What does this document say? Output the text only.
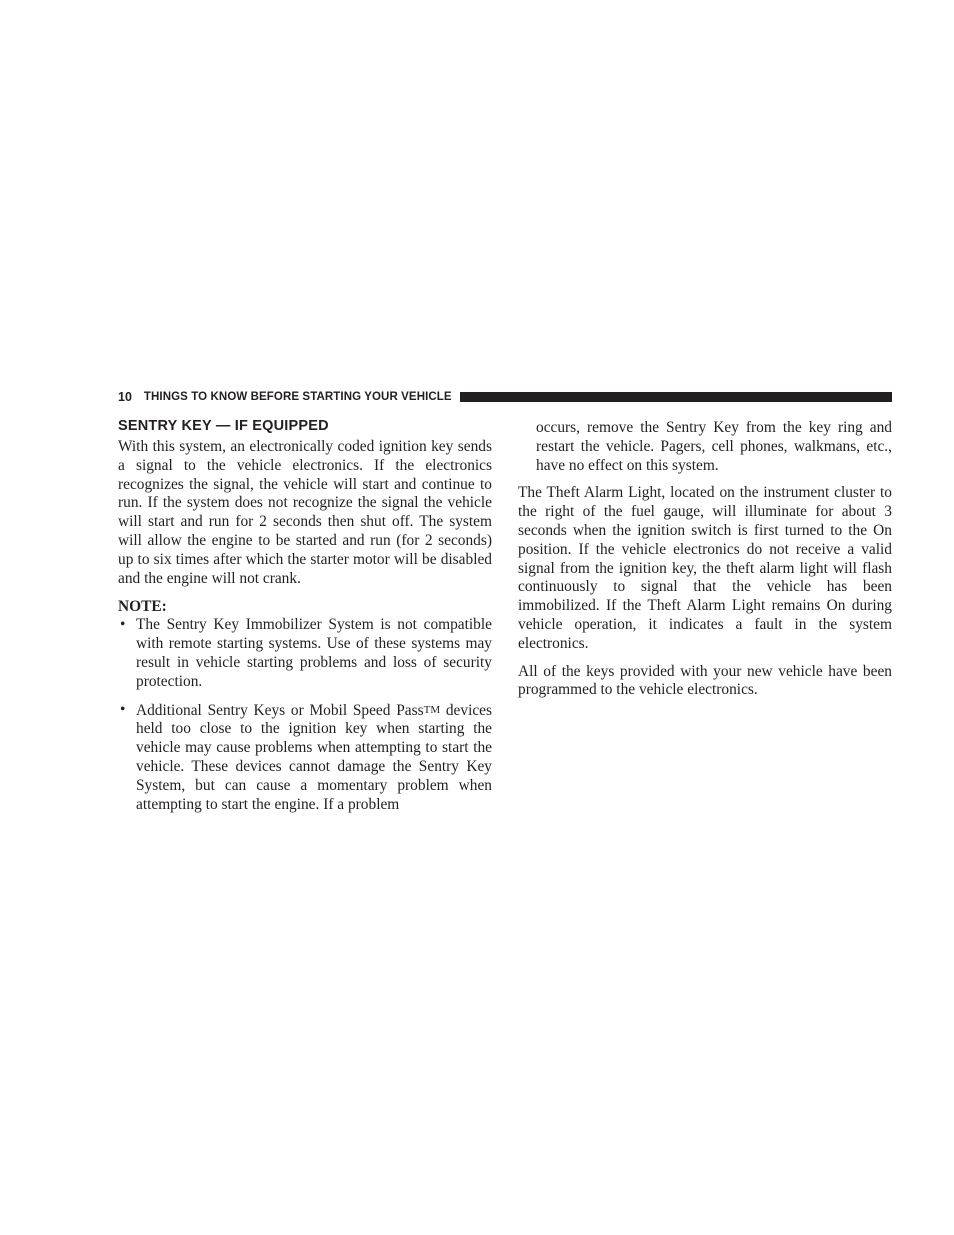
10 THINGS TO KNOW BEFORE STARTING YOUR VEHICLE
SENTRY KEY — IF EQUIPPED

With this system, an electronically coded ignition key sends a signal to the vehicle electronics. If the electronics recognizes the signal, the vehicle will start and continue to run. If the system does not recognize the signal the vehicle will start and run for 2 seconds then shut off. The system will allow the engine to be started and run (for 2 seconds) up to six times after which the starter motor will be disabled and the engine will not crank.

NOTE:
• The Sentry Key Immobilizer System is not compatible with remote starting systems. Use of these systems may result in vehicle starting problems and loss of security protection.
• Additional Sentry Keys or Mobil Speed PassTM devices held too close to the ignition key when starting the vehicle may cause problems when attempting to start the vehicle. These devices cannot damage the Sentry Key System, but can cause a momentary problem when attempting to start the engine. If a problem

occurs, remove the Sentry Key from the key ring and restart the vehicle. Pagers, cell phones, walkmans, etc., have no effect on this system.

The Theft Alarm Light, located on the instrument cluster to the right of the fuel gauge, will illuminate for about 3 seconds when the ignition switch is first turned to the On position. If the vehicle electronics do not receive a valid signal from the ignition key, the theft alarm light will flash continuously to signal that the vehicle has been immobilized. If the Theft Alarm Light remains On during vehicle operation, it indicates a fault in the system electronics.

All of the keys provided with your new vehicle have been programmed to the vehicle electronics.
